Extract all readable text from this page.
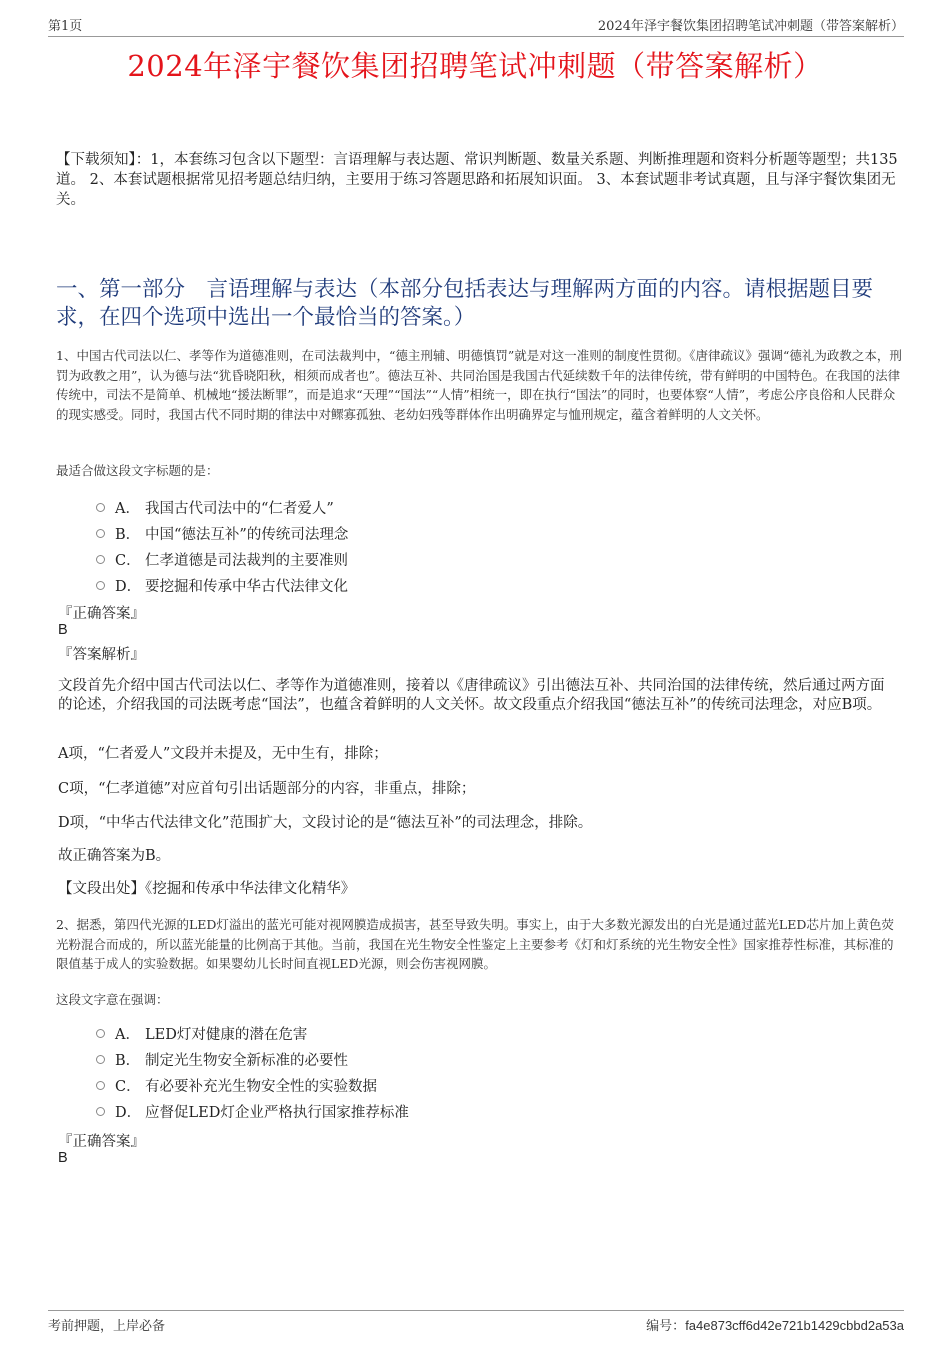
第1页	2024年泽宇餐饮集团招聘笔试冲刺题（带答案解析）
2024年泽宇餐饮集团招聘笔试冲刺题（带答案解析）
【下载须知】：1，本套练习包含以下题型：言语理解与表达题、常识判断题、数量关系题、判断推理题和资料分析题等题型；共135道。 2、本套试题根据常见招考题总结归纳，主要用于练习答题思路和拓展知识面。 3、本套试题非考试真题，且与泽宇餐饮集团无关。
一、第一部分　言语理解与表达（本部分包括表达与理解两方面的内容。请根据题目要求，在四个选项中选出一个最恰当的答案。）
1、中国古代司法以仁、孝等作为道德准则，在司法裁判中，“德主刑辅、明德慎罚”就是对这一准则的制度性贯彻。《唐律疏议》强调“德礼为政教之本，刑罚为政教之用”，认为德与法“犹昏晓阳秋，相须而成者也”。德法互补、共同治国是我国古代延续数千年的法律传统，带有鲜明的中国特色。在我国的法律传统中，司法不是简单、机械地“援法断罪”，而是追求“天理”“国法”“人情”相统一，即在执行“国法”的同时，也要体察“人情”，考虑公序良俗和人民群众的现实感受。同时，我国古代不同时期的律法中对鳏寡孤独、老幼妇残等群体作出明确界定与恤刑规定，蕴含着鲜明的人文关怀。
最适合做这段文字标题的是：
A． 我国古代司法中的“仁者爱人”
B． 中国“德法互补”的传统司法理念
C． 仁孝道德是司法裁判的主要准则
D． 要挖掘和传承中华古代法律文化
『正确答案』
B
『答案解析』
文段首先介绍中国古代司法以仁、孝等作为道德准则，接着以《唐律疏议》引出德法互补、共同治国的法律传统，然后通过两方面的论述，介绍我国的司法既考虑“国法”，也蕴含着鲜明的人文关怀。故文段重点介绍我国“德法互补”的传统司法理念，对应B项。
A项，“仁者爱人”文段并未提及，无中生有，排除；
C项，“仁孝道德”对应首句引出话题部分的内容，非重点，排除；
D项，“中华古代法律文化”范围扩大，文段讨论的是“德法互补”的司法理念，排除。
故正确答案为B。
【文段出处】《挖掘和传承中华法律文化精华》
2、据悉，第四代光源的LED灯溢出的蓝光可能对视网膜造成损害，甚至导致失明。事实上，由于大多数光源发出的白光是通过蓝光LED芯片加上黄色荧光粉混合而成的，所以蓝光能量的比例高于其他。当前，我国在光生物安全性鉴定上主要参考《灯和灯系统的光生物安全性》国家推荐性标准，其标准的限值基于成人的实验数据。如果婴幼儿长时间直视LED光源，则会伤害视网膜。
这段文字意在强调：
A． LED灯对健康的潜在危害
B． 制定光生物安全新标准的必要性
C． 有必要补充光生物安全性的实验数据
D． 应督促LED灯企业严格执行国家推荐标准
『正确答案』
B
考前押题，上岸必备	编号：fa4e873cff6d42e721b1429cbbd2a53a
